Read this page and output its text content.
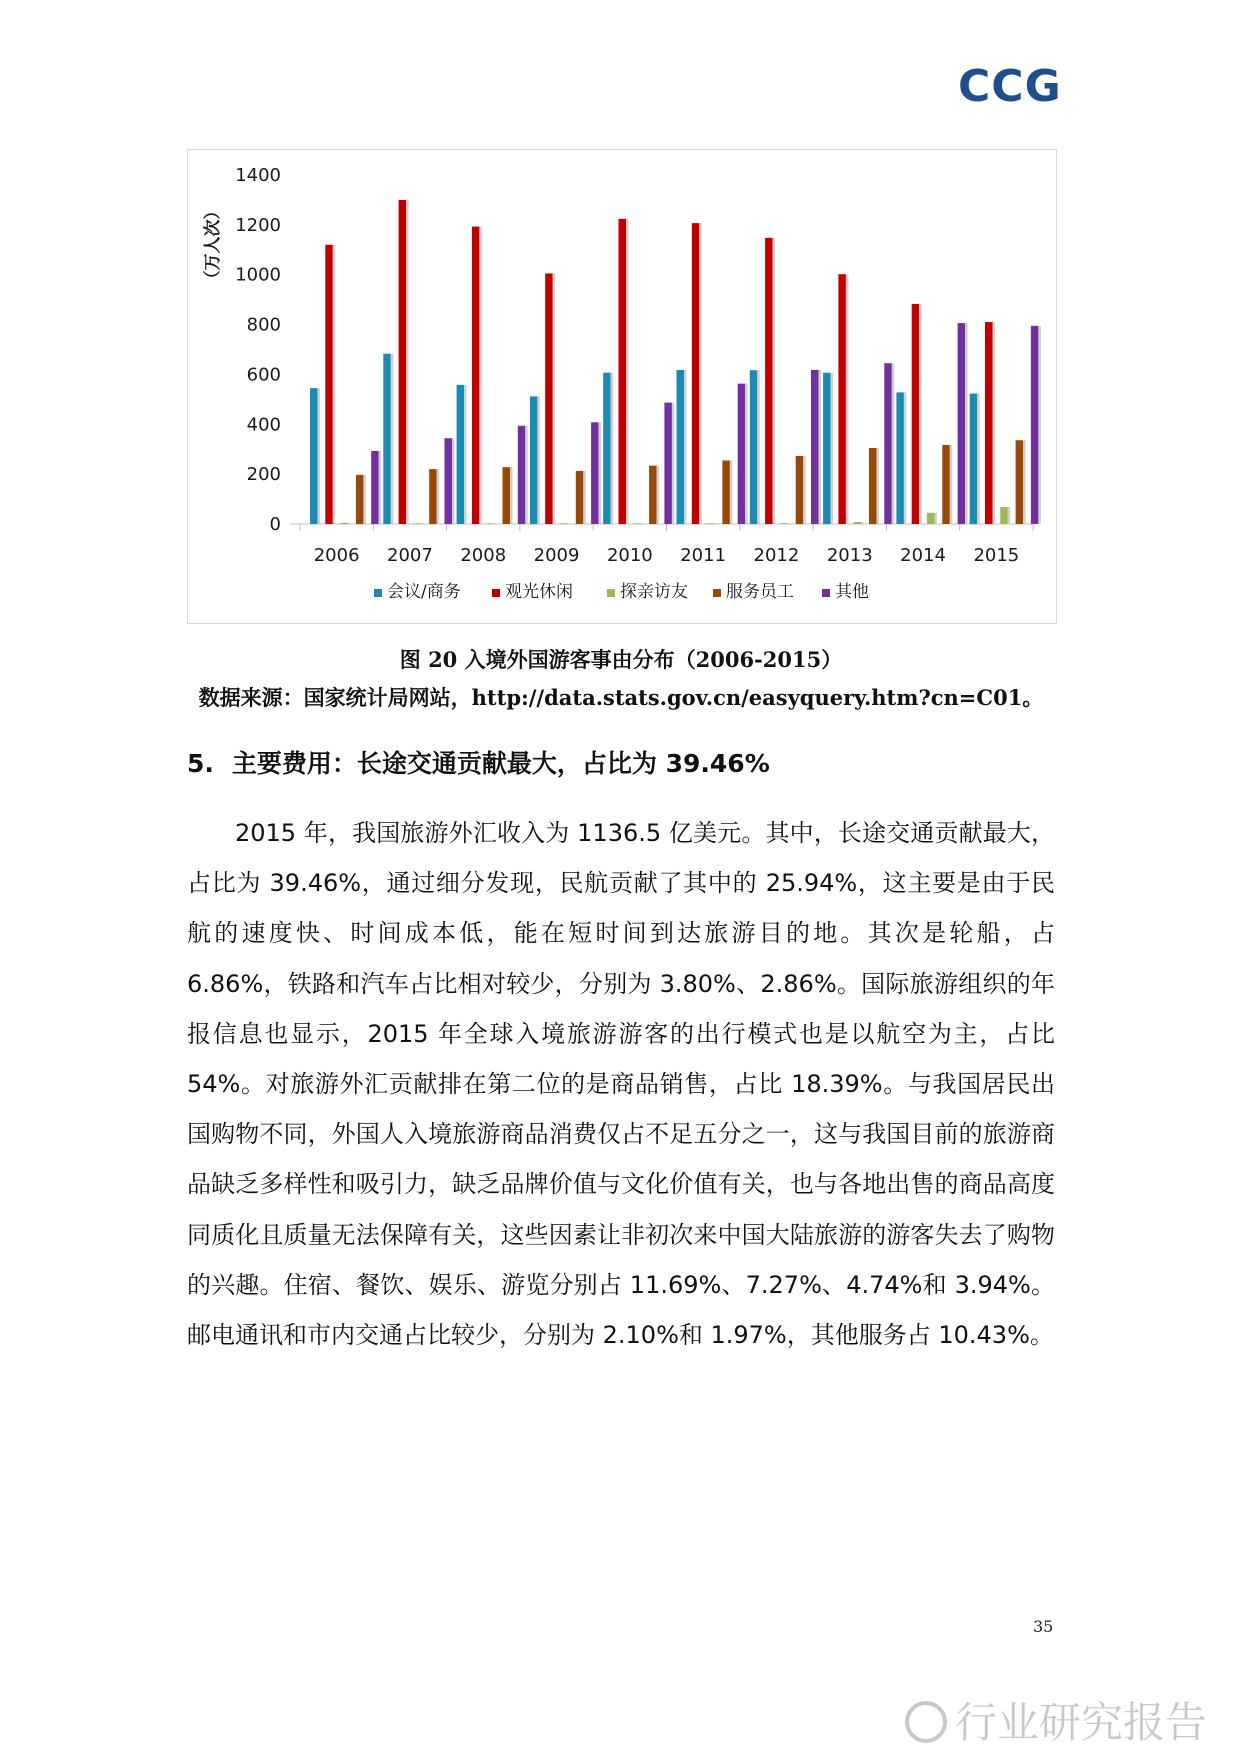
CCG
0
200
400
600
800
1000
1200
1400
（万人次）
2006 2007 2008 2009 2010 2011 2012 2013 2014 2015
会议/商务	观光休闲	探亲访友 服务员工 其他
图 20 入境外国游客事由分布（2006-2015）
数据来源：国家统计局网站，http://data.stats.gov.cn/easyquery.htm?cn=C01。
5. 主要费用：长途交通贡献最大，占比为 39.46%

2015 年，我国旅游外汇收入为 1136.5 亿美元。其中，长途交通贡献最大，占比为 39.46%，通过细分发现，民航贡献了其中的 25.94%，这主要是由于民航的速度快、时间成本低，能在短时间到达旅游目的地。其次是轮船，占 6.86%，铁路和汽车占比相对较少，分别为 3.80%、2.86%。国际旅游组织的年报信息也显示，2015 年全球入境旅游游客的出行模式也是以航空为主，占比 54%。对旅游外汇贡献排在第二位的是商品销售，占比 18.39%。与我国居民出国购物不同，外国人入境旅游商品消费仅占不足五分之一，这与我国目前的旅游商品缺乏多样性和吸引力，缺乏品牌价值与文化价值有关，也与各地出售的商品高度同质化且质量无法保障有关，这些因素让非初次来中国大陆旅游的游客失去了购物的兴趣。住宿、餐饮、娱乐、游览分别占 11.69%、7.27%、4.74%和 3.94%。邮电通讯和市内交通占比较少，分别为 2.10%和 1.97%，其他服务占 10.43%。

35
行业研究报告
